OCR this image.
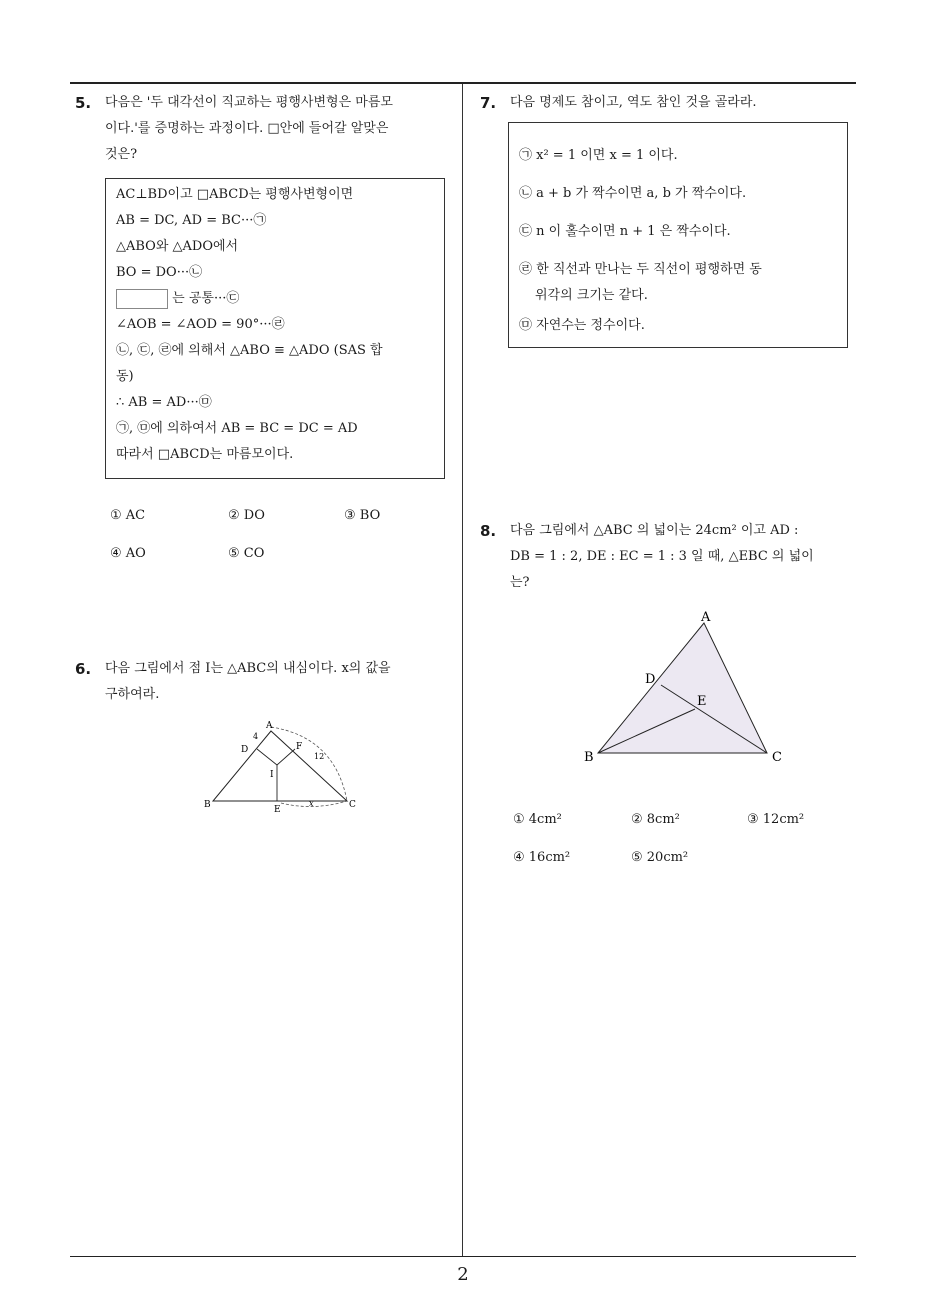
5. 다음은 '두 대각선이 직교하는 평행사변형은 마름모
이다.'를 증명하는 과정이다. □안에 들어갈 알맞은
것은?
AC⊥BD이고 □ABCD는 평행사변형이면
AB = DC, AD = BC···㉠
△ABO와 △ADO에서
BO = DO···㉡
는 공통···㉢
∠AOB = ∠AOD = 90°···㉣
㉡, ㉢, ㉣에 의해서 △ABO ≡ △ADO (SAS 합
동)
∴ AB = AD···㉤
㉠, ㉤에 의하여서 AB = BC = DC = AD
따라서 □ABCD는 마름모이다.
① AC	② DO	③ BO
④ AO	⑤ CO
6. 다음 그림에서 점 I는 △ABC의 내심이다. x의 값을
구하여라.
A
B	C
D
E
F
I
4
12
x
7. 다음 명제도 참이고, 역도 참인 것을 골라라.
㉠ x² = 1 이면 x = 1 이다.
㉡ a + b 가 짝수이면 a, b 가 짝수이다.
㉢ n 이 홀수이면 n + 1 은 짝수이다.
㉣ 한 직선과 만나는 두 직선이 평행하면 동
위각의 크기는 같다.
㉤ 자연수는 정수이다.
8. 다음 그림에서 △ABC 의 넓이는 24cm² 이고 AD :
DB = 1 : 2, DE : EC = 1 : 3 일 때, △EBC 의 넓이
는?
A
B	C
D
E
① 4cm²	② 8cm²	③ 12cm²
④ 16cm²	⑤ 20cm²
2
